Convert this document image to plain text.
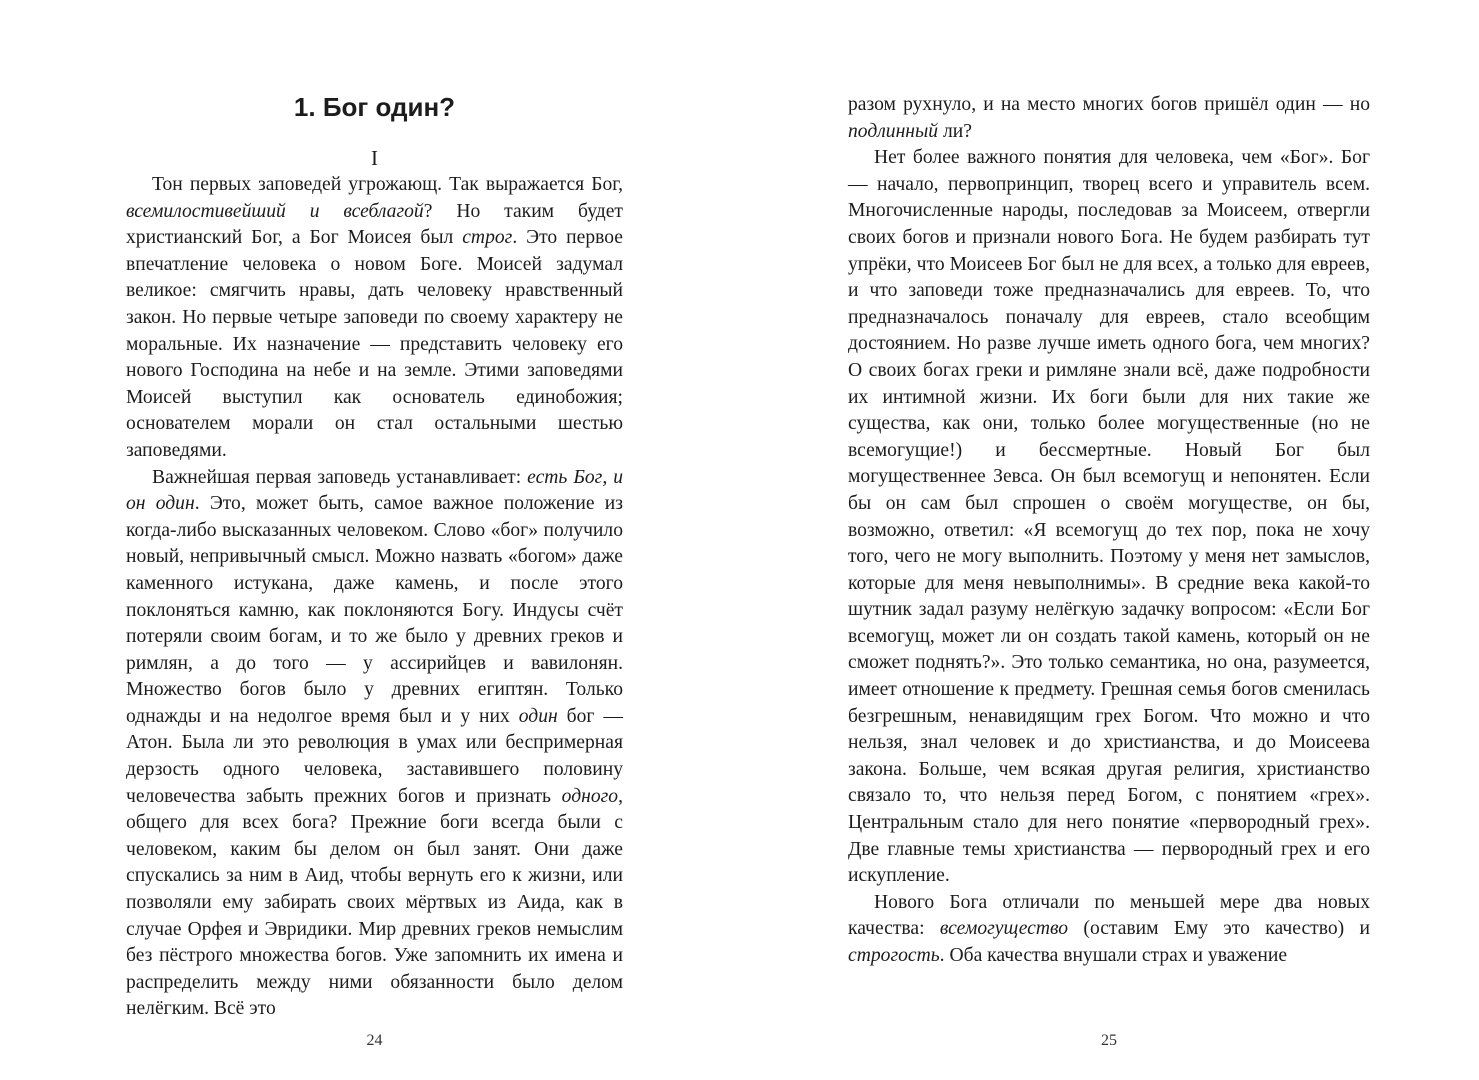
1. Бог один?
I

Тон первых заповедей угрожающ. Так выражается Бог, всемилостивейший и всеблагой? Но таким будет христианский Бог, а Бог Моисея был строг. Это первое впечатление человека о новом Боге. Моисей задумал великое: смягчить нравы, дать человеку нравственный закон. Но первые четыре заповеди по своему характеру не моральные. Их назначение — представить человеку его нового Господина на небе и на земле. Этими заповедями Моисей выступил как основатель единобожия; основателем морали он стал остальными шестью заповедями.

Важнейшая первая заповедь устанавливает: есть Бог, и он один. Это, может быть, самое важное положение из когда-либо высказанных человеком. Слово «бог» получило новый, непривычный смысл. Можно назвать «богом» даже каменного истукана, даже камень, и после этого поклоняться камню, как поклоняются Богу. Индусы счёт потеряли своим богам, и то же было у древних греков и римлян, а до того — у ассирийцев и вавилонян. Множество богов было у древних египтян. Только однажды и на недолгое время был и у них один бог — Атон. Была ли это революция в умах или беспримерная дерзость одного человека, заставившего половину человечества забыть прежних богов и признать одного, общего для всех бога? Прежние боги всегда были с человеком, каким бы делом он был занят. Они даже спускались за ним в Аид, чтобы вернуть его к жизни, или позволяли ему забирать своих мёртвых из Аида, как в случае Орфея и Эвридики. Мир древних греков немыслим без пёстрого множества богов. Уже запомнить их имена и распределить между ними обязанности было делом нелёгким. Всё это

24

разом рухнуло, и на место многих богов пришёл один — но подлинный ли?

Нет более важного понятия для человека, чем «Бог». Бог — начало, первопринцип, творец всего и управитель всем. Многочисленные народы, последовав за Моисеем, отвергли своих богов и признали нового Бога. Не будем разбирать тут упрёки, что Моисеев Бог был не для всех, а только для евреев, и что заповеди тоже предназначались для евреев. То, что предназначалось поначалу для евреев, стало всеобщим достоянием. Но разве лучше иметь одного бога, чем многих? О своих богах греки и римляне знали всё, даже подробности их интимной жизни. Их боги были для них такие же существа, как они, только более могущественные (но не всемогущие!) и бессмертные. Новый Бог был могущественнее Зевса. Он был всемогущ и непонятен. Если бы он сам был спрошен о своём могуществе, он бы, возможно, ответил: «Я всемогущ до тех пор, пока не хочу того, чего не могу выполнить. Поэтому у меня нет замыслов, которые для меня невыполнимы». В средние века какой-то шутник задал разуму нелёгкую задачку вопросом: «Если Бог всемогущ, может ли он создать такой камень, который он не сможет поднять?». Это только семантика, но она, разумеется, имеет отношение к предмету. Грешная семья богов сменилась безгрешным, ненавидящим грех Богом. Что можно и что нельзя, знал человек и до христианства, и до Моисеева закона. Больше, чем всякая другая религия, христианство связало то, что нельзя перед Богом, с понятием «грех». Центральным стало для него понятие «первородный грех». Две главные темы христианства — первородный грех и его искупление.

Нового Бога отличали по меньшей мере два новых качества: всемогущество (оставим Ему это качество) и строгость. Оба качества внушали страх и уважение

25
